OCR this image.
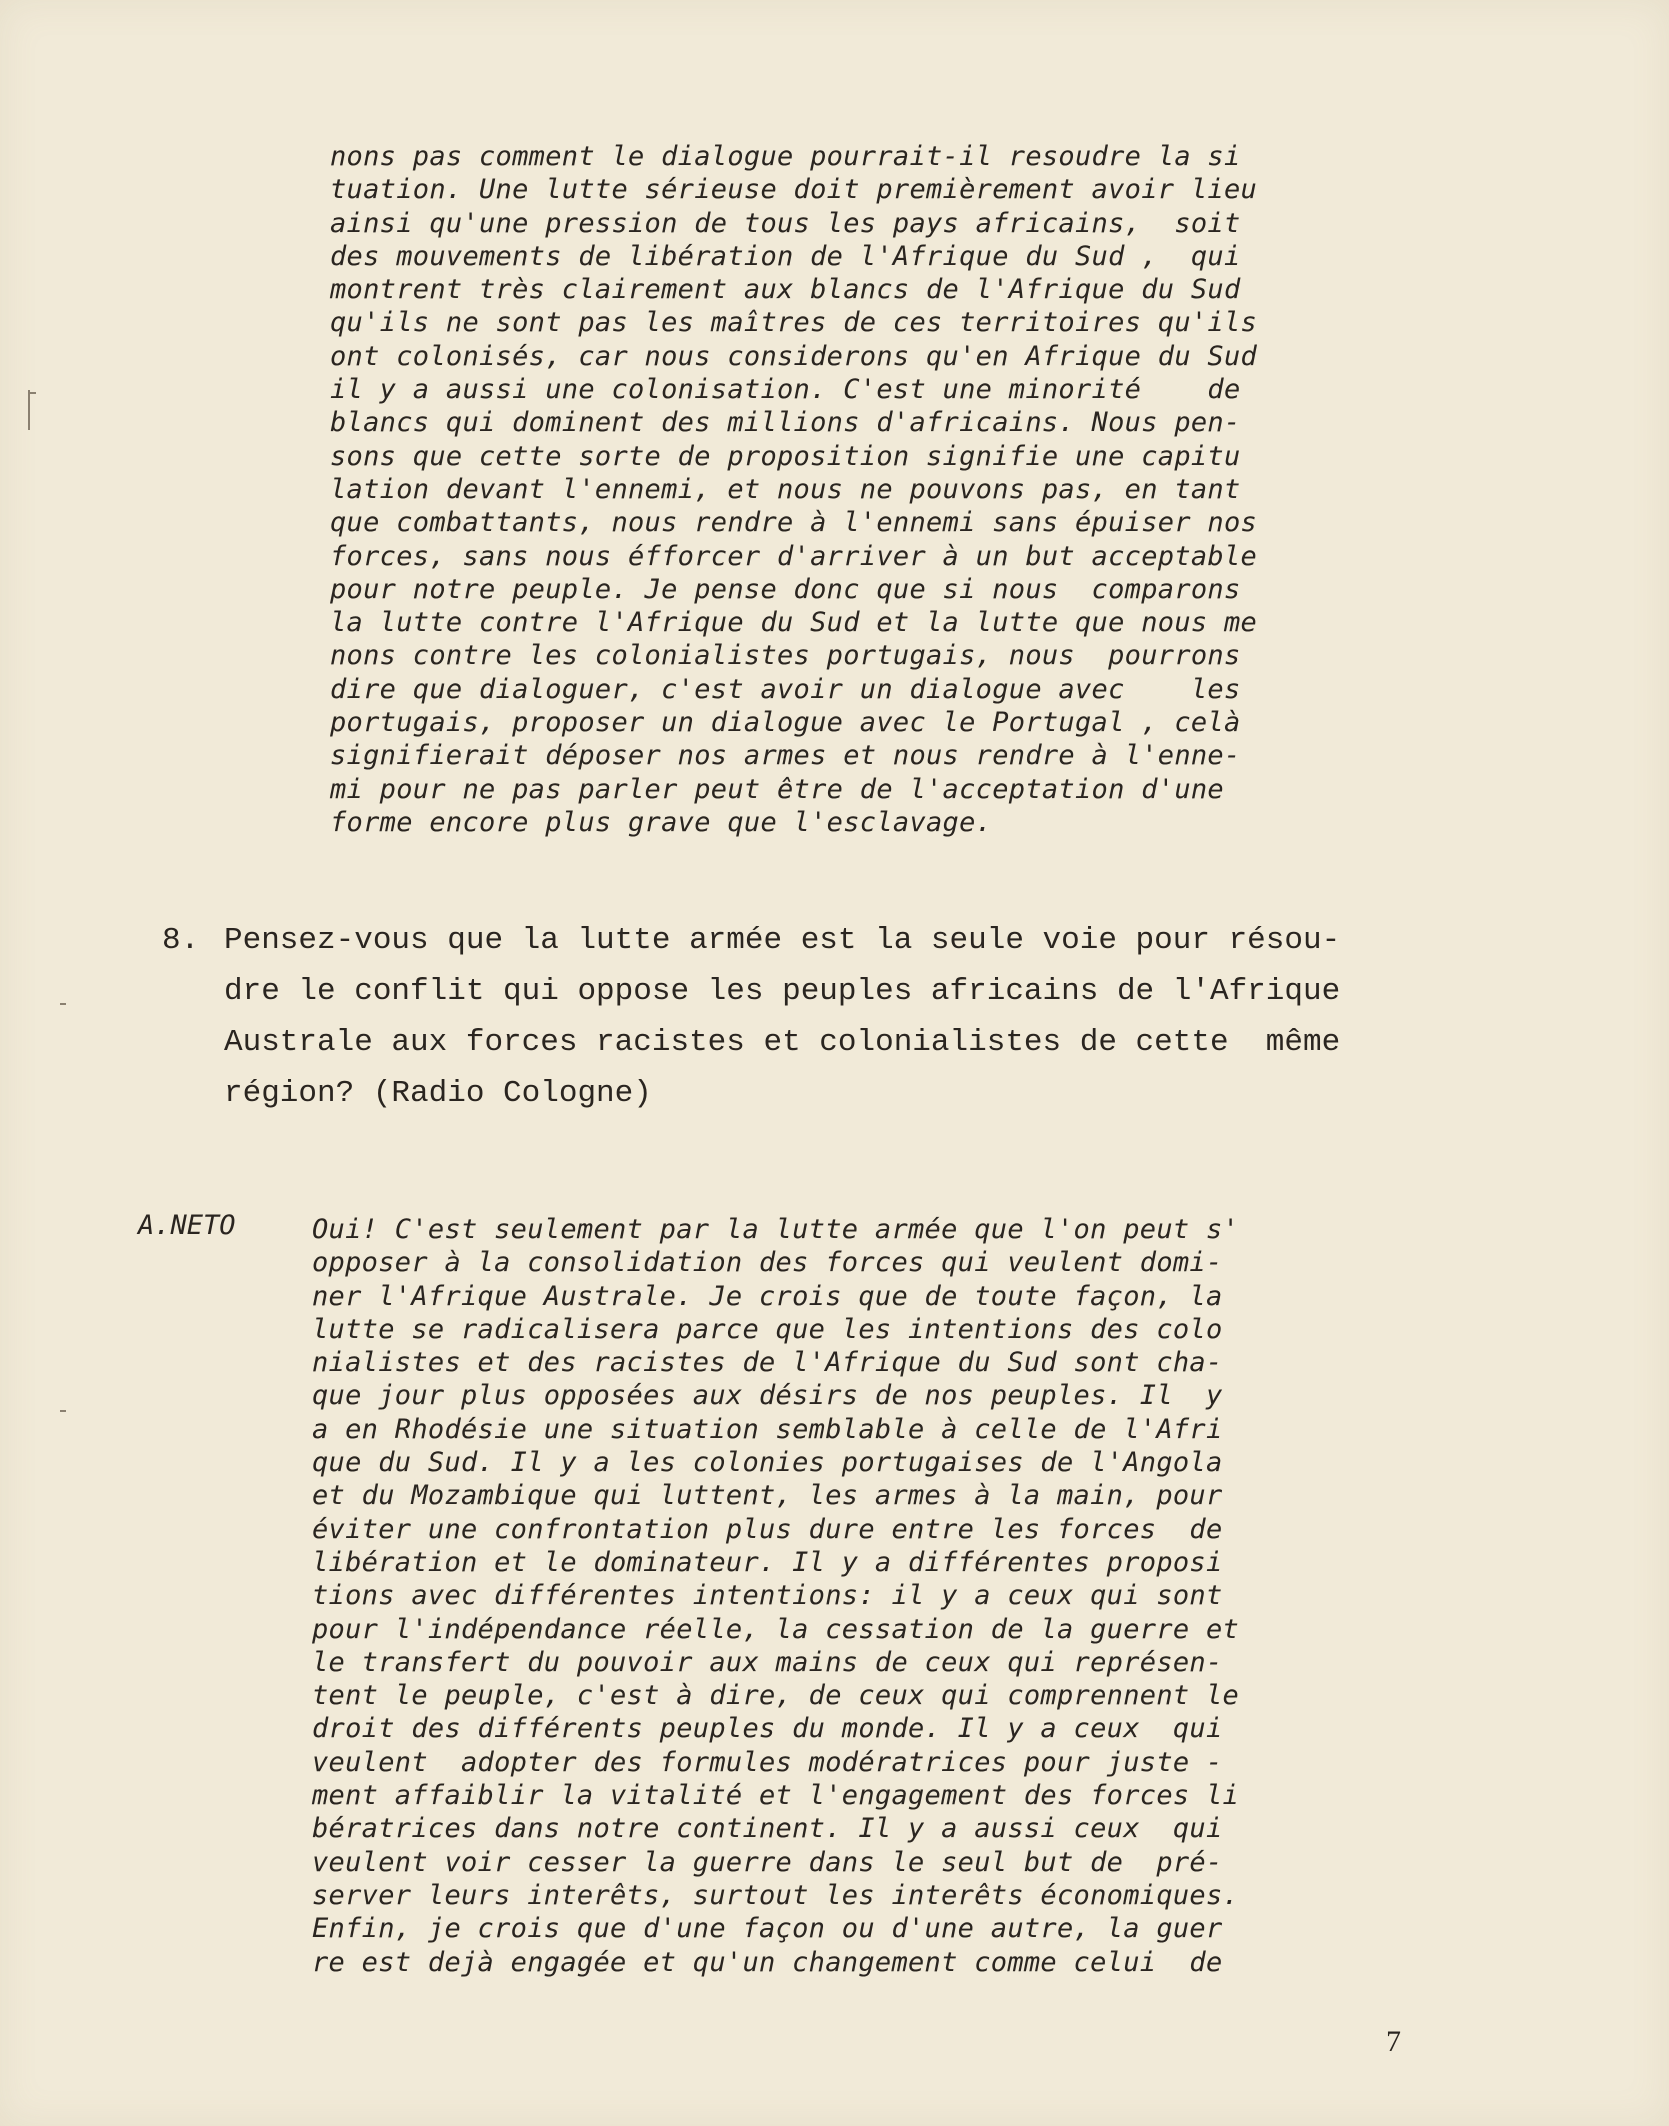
nons pas comment le dialogue pourrait-il resoudre la si
tuation. Une lutte sérieuse doit premièrement avoir lieu
ainsi qu'une pression de tous les pays africains,  soit
des mouvements de libération de l'Afrique du Sud ,  qui
montrent très clairement aux blancs de l'Afrique du Sud
qu'ils ne sont pas les maîtres de ces territoires qu'ils
ont colonisés, car nous considerons qu'en Afrique du Sud
il y a aussi une colonisation. C'est une minorité    de
blancs qui dominent des millions d'africains. Nous pen-
sons que cette sorte de proposition signifie une capitu
lation devant l'ennemi, et nous ne pouvons pas, en tant
que combattants, nous rendre à l'ennemi sans épuiser nos
forces, sans nous éfforcer d'arriver à un but acceptable
pour notre peuple. Je pense donc que si nous  comparons
la lutte contre l'Afrique du Sud et la lutte que nous me
nons contre les colonialistes portugais, nous  pourrons
dire que dialoguer, c'est avoir un dialogue avec    les
portugais, proposer un dialogue avec le Portugal , celà
signifierait déposer nos armes et nous rendre à l'enne-
mi pour ne pas parler peut être de l'acceptation d'une
forme encore plus grave que l'esclavage.
8. Pensez-vous que la lutte armée est la seule voie pour résou-
dre le conflit qui oppose les peuples africains de l'Afrique
Australe aux forces racistes et colonialistes de cette  même
région? (Radio Cologne)
A.NETO	Oui! C'est seulement par la lutte armée que l'on peut s'
opposer à la consolidation des forces qui veulent domi-
ner l'Afrique Australe. Je crois que de toute façon, la
lutte se radicalisera parce que les intentions des colo
nialistes et des racistes de l'Afrique du Sud sont cha-
que jour plus opposées aux désirs de nos peuples. Il  y
a en Rhodésie une situation semblable à celle de l'Afri
que du Sud. Il y a les colonies portugaises de l'Angola
et du Mozambique qui luttent, les armes à la main, pour
éviter une confrontation plus dure entre les forces  de
libération et le dominateur. Il y a différentes proposi
tions avec différentes intentions: il y a ceux qui sont
pour l'indépendance réelle, la cessation de la guerre et
le transfert du pouvoir aux mains de ceux qui représen-
tent le peuple, c'est à dire, de ceux qui comprennent le
droit des différents peuples du monde. Il y a ceux  qui
veulent  adopter des formules modératrices pour juste -
ment affaiblir la vitalité et l'engagement des forces li
bératrices dans notre continent. Il y a aussi ceux  qui
veulent voir cesser la guerre dans le seul but de  pré-
server leurs interêts, surtout les interêts économiques.
Enfin, je crois que d'une façon ou d'une autre, la guer
re est dejà engagée et qu'un changement comme celui  de
7
